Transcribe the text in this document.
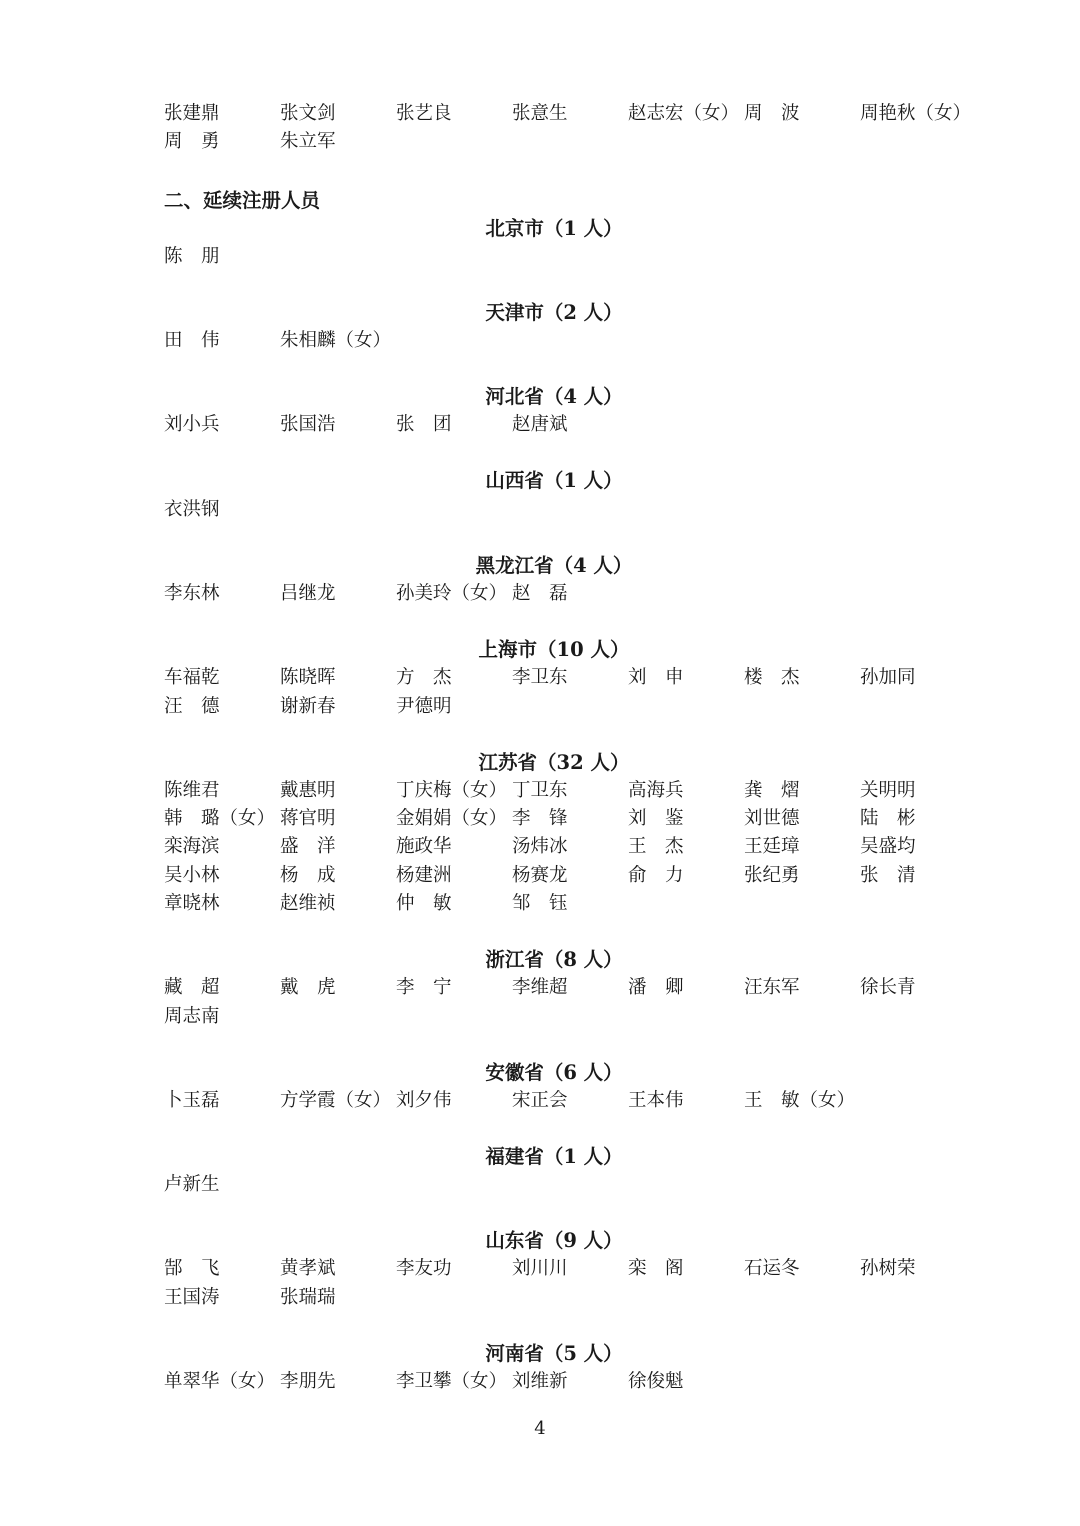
张建鼎	张文剑	张艺良	张意生	赵志宏（女） 周　波	周艳秋（女）
周　勇	朱立军
二、延续注册人员
北京市（1 人）
陈　朋
天津市（2 人）
田　伟	朱相麟（女）
河北省（4 人）
刘小兵	张国浩	张　团	赵唐斌
山西省（1 人）
衣洪钢
黑龙江省（4 人）
李东林	吕继龙	孙美玲（女） 赵　磊
上海市（10 人）
车福乾	陈晓晖	方　杰	李卫东	刘　申	楼　杰	孙加同
汪　德	谢新春	尹德明
江苏省（32 人）
陈维君	戴惠明	丁庆梅（女） 丁卫东	高海兵	龚　熠	关明明
韩　璐（女） 蒋官明	金娟娟（女） 李　锋	刘　鉴	刘世德	陆　彬
栾海滨	盛　洋	施政华	汤炜冰	王　杰	王廷璋	吴盛均
吴小林	杨　成	杨建洲	杨赛龙	俞　力	张纪勇	张　清
章晓林	赵维祯	仲　敏	邹　钰
浙江省（8 人）
藏　超	戴　虎	李　宁	李维超	潘　卿	汪东军	徐长青
周志南
安徽省（6 人）
卜玉磊	方学霞（女） 刘夕伟	宋正会	王本伟	王　敏（女）
福建省（1 人）
卢新生
山东省（9 人）
郜　飞	黄孝斌	李友功	刘川川	栾　阁	石运冬	孙树荣
王国涛	张瑞瑞
河南省（5 人）
单翠华（女） 李朋先	李卫攀（女） 刘维新	徐俊魁
4
